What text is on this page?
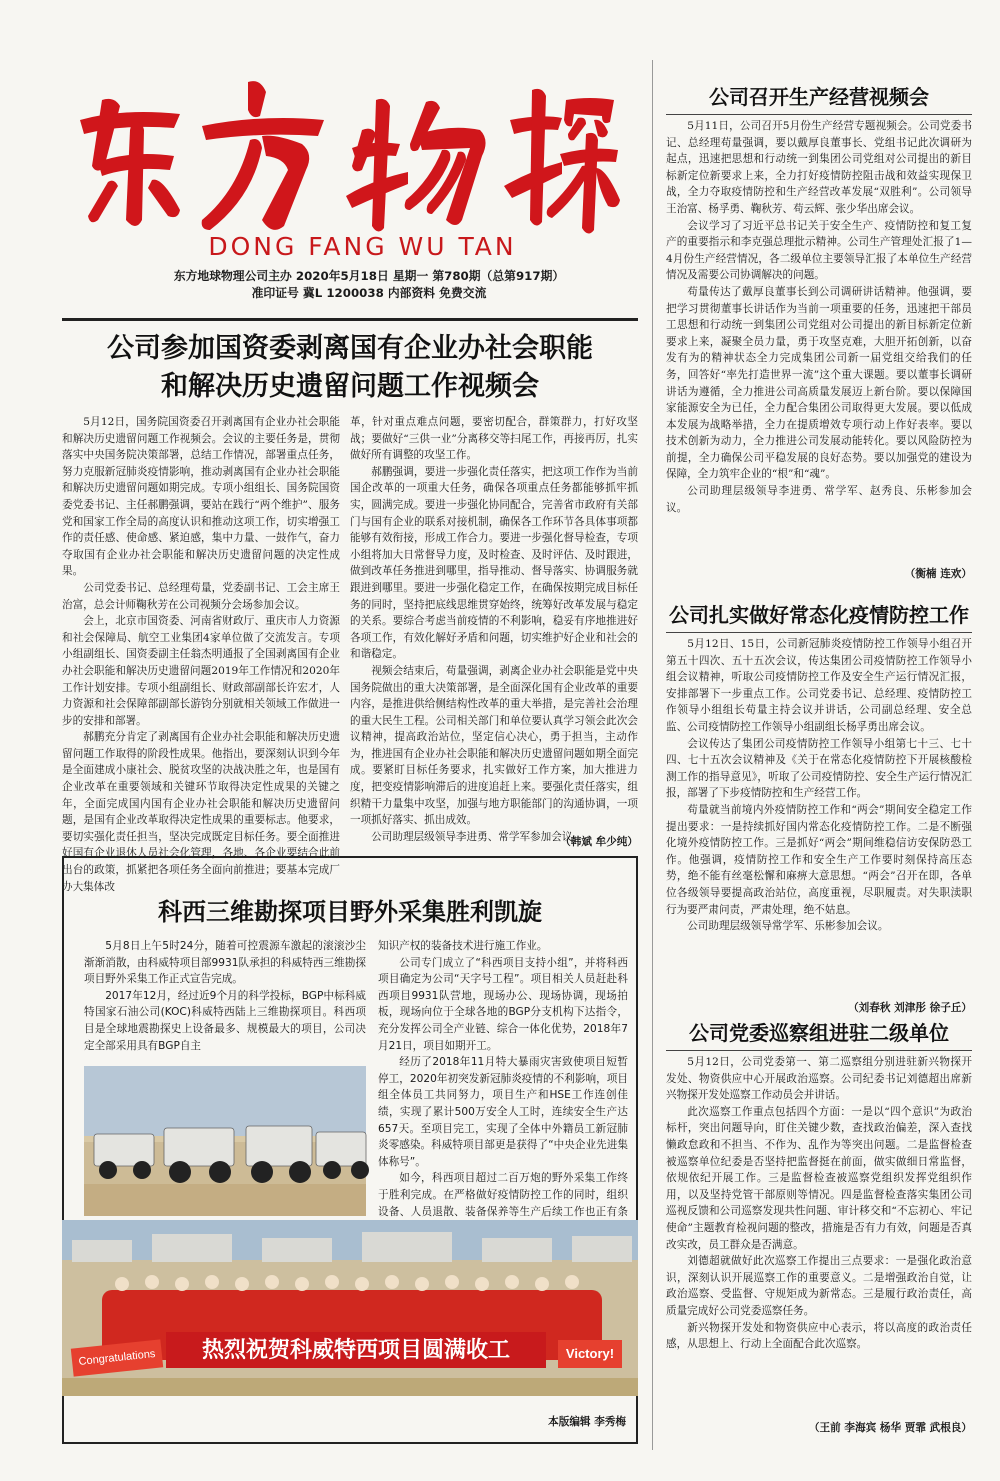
DONG FANG WU TAN
东方地球物理公司主办 2020年5月18日 星期一 第780期（总第917期）
准印证号 冀L 1200038 内部资料 免费交流
公司参加国资委剥离国有企业办社会职能
和解决历史遗留问题工作视频会

5月12日，国务院国资委召开剥离国有企业办社会职能和解决历史遗留问题工作视频会。会议的主要任务是，贯彻落实中央国务院决策部署，总结工作情况，部署重点任务，努力克服新冠肺炎疫情影响，推动剥离国有企业办社会职能和解决历史遗留问题如期完成。专项小组组长、国务院国资委党委书记、主任郝鹏强调，要站在践行“两个维护”、服务党和国家工作全局的高度认识和推动这项工作，切实增强工作的责任感、使命感、紧迫感，集中力量、一鼓作气，奋力夺取国有企业办社会职能和解决历史遗留问题的决定性成果。

公司党委书记、总经理苟量，党委副书记、工会主席王治富，总会计师鞠秋芳在公司视频分会场参加会议。

会上，北京市国资委、河南省财政厅、重庆市人力资源和社会保障局、航空工业集团4家单位做了交流发言。专项小组副组长、国资委副主任翁杰明通报了全国剥离国有企业办社会职能和解决历史遗留问题2019年工作情况和2020年工作计划安排。专项小组副组长、财政部副部长许宏才，人力资源和社会保障部副部长游钧分别就相关领域工作做进一步的安排和部署。

郝鹏充分肯定了剥离国有企业办社会职能和解决历史遗留问题工作取得的阶段性成果。他指出，要深刻认识到今年是全面建成小康社会、脱贫攻坚的决战决胜之年，也是国有企业改革在重要领域和关键环节取得决定性成果的关键之年，全面完成国内国有企业办社会职能和解决历史遗留问题，是国有企业改革取得决定性成果的重要标志。他要求，要切实强化责任担当，坚决完成既定目标任务。要全面推进好国有企业退休人员社会化管理，各地、各企业要结合此前出台的政策，抓紧把各项任务全面向前推进；要基本完成厂办大集体改

革，针对重点难点问题，要密切配合，群策群力，打好攻坚战；要做好“三供一业”分离移交等扫尾工作，再接再厉，扎实做好所有调整的攻坚工作。

郝鹏强调，要进一步强化责任落实，把这项工作作为当前国企改革的一项重大任务，确保各项重点任务都能够抓牢抓实，圆满完成。要进一步强化协同配合，完善省市政府有关部门与国有企业的联系对接机制，确保各工作环节各具体事项都能够有效衔接，形成工作合力。要进一步强化督导检查，专项小组将加大日常督导力度，及时检查、及时评估、及时跟进，做到改革任务推进到哪里，指导推动、督导落实、协调服务就跟进到哪里。要进一步强化稳定工作，在确保按期完成目标任务的同时，坚持把底线思维贯穿始终，统筹好改革发展与稳定的关系。要综合考虑当前疫情的不利影响，稳妥有序地推进好各项工作，有效化解好矛盾和问题，切实维护好企业和社会的和谐稳定。

视频会结束后，苟量强调，剥离企业办社会职能是党中央国务院做出的重大决策部署，是全面深化国有企业改革的重要内容，是推进供给侧结构性改革的重大举措，是完善社会治理的重大民生工程。公司相关部门和单位要认真学习领会此次会议精神，提高政治站位，坚定信心决心，勇于担当，主动作为，推进国有企业办社会职能和解决历史遗留问题如期全面完成。要紧盯目标任务要求，扎实做好工作方案，加大推进力度，把变疫情影响滞后的进度追赶上来。要强化责任落实，组织精干力量集中攻坚，加强与地方职能部门的沟通协调，一项一项抓好落实、抓出成效。

公司助理层级领导李进勇、常学军参加会议。

（韩斌 牟少纯）
科西三维勘探项目野外采集胜利凯旋

5月8日上午5时24分，随着可控震源车激起的滚滚沙尘渐渐消散，由科威特项目部9931队承担的科威特西三维勘探项目野外采集工作正式宣告完成。

2017年12月，经过近9个月的科学投标，BGP中标科威特国家石油公司(KOC)科威特西陆上三维勘探项目。科西项目是全球地震勘探史上设备最多、规模最大的项目，公司决定全部采用具有BGP自主

知识产权的装备技术进行施工作业。

公司专门成立了“科西项目支持小组”，并将科西项目确定为公司“天字号工程”。项目相关人员赶赴科西项目9931队营地，现场办公、现场协调，现场拍板，现场向位于全球各地的BGP分支机构下达指令，充分发挥公司全产业链、综合一体化优势，2018年7月21日，项目如期开工。

经历了2018年11月特大暴雨灾害致使项目短暂停工，2020年初突发新冠肺炎疫情的不利影响，项目组全体员工共同努力，项目生产和HSE工作连创佳绩，实现了累计500万安全人工时，连续安全生产达657天。至项目完工，实现了全体中外籍员工新冠肺炎零感染。科威特项目部更是获得了“中央企业先进集体称号”。

如今，科西项目超过二百万炮的野外采集工作终于胜利完成。在严格做好疫情防控工作的同时，组织设备、人员退散、装备保养等生产后续工作也正有条

Congratulations	热烈祝贺科威特西项目圆满收工	Victory!
本版编辑 李秀梅
公司召开生产经营视频会

5月11日，公司召开5月份生产经营专题视频会。公司党委书记、总经理苟量强调，要以戴厚良董事长、党组书记此次调研为起点，迅速把思想和行动统一到集团公司党组对公司提出的新目标新定位新要求上来，全力打好疫情防控阻击战和效益实现保卫战，全力夺取疫情防控和生产经营改革发展“双胜利”。公司领导王治富、杨孚勇、鞠秋芳、苟云辉、张少华出席会议。

会议学习了习近平总书记关于安全生产、疫情防控和复工复产的重要指示和李克强总理批示精神。公司生产管理处汇报了1—4月份生产经营情况，各二级单位主要领导汇报了本单位生产经营情况及需要公司协调解决的问题。

苟量传达了戴厚良董事长到公司调研讲话精神。他强调，要把学习贯彻董事长讲话作为当前一项重要的任务，迅速把干部员工思想和行动统一到集团公司党组对公司提出的新目标新定位新要求上来，凝聚全员力量，勇于攻坚克难，大胆开拓创新，以奋发有为的精神状态全力完成集团公司新一届党组交给我们的任务，回答好“率先打造世界一流”这个重大课题。要以董事长调研讲话为遵循，全力推进公司高质量发展迈上新台阶。要以保障国家能源安全为已任，全力配合集团公司取得更大发展。要以低成本发展为战略举措，全力在提质增效专项行动上作好表率。要以技术创新为动力，全力推进公司发展动能转化。要以风险防控为前提，全力确保公司平稳发展的良好态势。要以加强党的建设为保障，全力筑牢企业的“根”和“魂”。

公司助理层级领导李进勇、常学军、赵秀良、乐彬参加会议。

（衡楠 连欢）
公司扎实做好常态化疫情防控工作

5月12日、15日，公司新冠肺炎疫情防控工作领导小组召开第五十四次、五十五次会议，传达集团公司疫情防控工作领导小组会议精神，听取公司疫情防控工作及安全生产运行情况汇报，安排部署下一步重点工作。公司党委书记、总经理、疫情防控工作领导小组组长苟量主持会议并讲话，公司副总经理、安全总监、公司疫情防控工作领导小组副组长杨孚勇出席会议。

会议传达了集团公司疫情防控工作领导小组第七十三、七十四、七十五次会议精神及《关于在常态化疫情防控下开展核酸检测工作的指导意见》，听取了公司疫情防控、安全生产运行情况汇报，部署了下步疫情防控和生产经营工作。

苟量就当前境内外疫情防控工作和“两会”期间安全稳定工作提出要求：一是持续抓好国内常态化疫情防控工作。二是不断强化境外疫情防控工作。三是抓好“两会”期间维稳信访安保防恐工作。他强调，疫情防控工作和安全生产工作要时刻保持高压态势，绝不能有丝毫松懈和麻痹大意思想。“两会”召开在即，各单位各级领导要提高政治站位，高度重视，尽职履责。对失职渎职行为要严肃问责，严肃处理，绝不姑息。

公司助理层级领导常学军、乐彬参加会议。

（刘春秋 刘津彤 徐子丘）
公司党委巡察组进驻二级单位

5月12日，公司党委第一、第二巡察组分别进驻新兴物探开发处、物资供应中心开展政治巡察。公司纪委书记刘德超出席新兴物探开发处巡察工作动员会并讲话。

此次巡察工作重点包括四个方面：一是以“四个意识”为政治标杆，突出问题导向，盯住关键少数，查找政治偏差，深入查找懒政怠政和不担当、不作为、乱作为等突出问题。二是监督检查被巡察单位纪委是否坚持把监督挺在前面，做实做细日常监督，依规依纪开展工作。三是监督检查被巡察党组织发挥党组织作用，以及坚持党管干部原则等情况。四是监督检查落实集团公司巡视反馈和公司巡察发现共性问题、审计移交和“不忘初心、牢记使命”主题教育检视问题的整改，措施是否有力有效，问题是否真改实改，员工群众是否满意。

刘德超就做好此次巡察工作提出三点要求：一是强化政治意识，深刻认识开展巡察工作的重要意义。二是增强政治自觉，让政治巡察、受监督、守规矩成为新常态。三是履行政治责任，高质量完成好公司党委巡察任务。

新兴物探开发处和物资供应中心表示，将以高度的政治责任感，从思想上、行动上全面配合此次巡察。

（王前 李海宾 杨华 贾霏 武根良）
